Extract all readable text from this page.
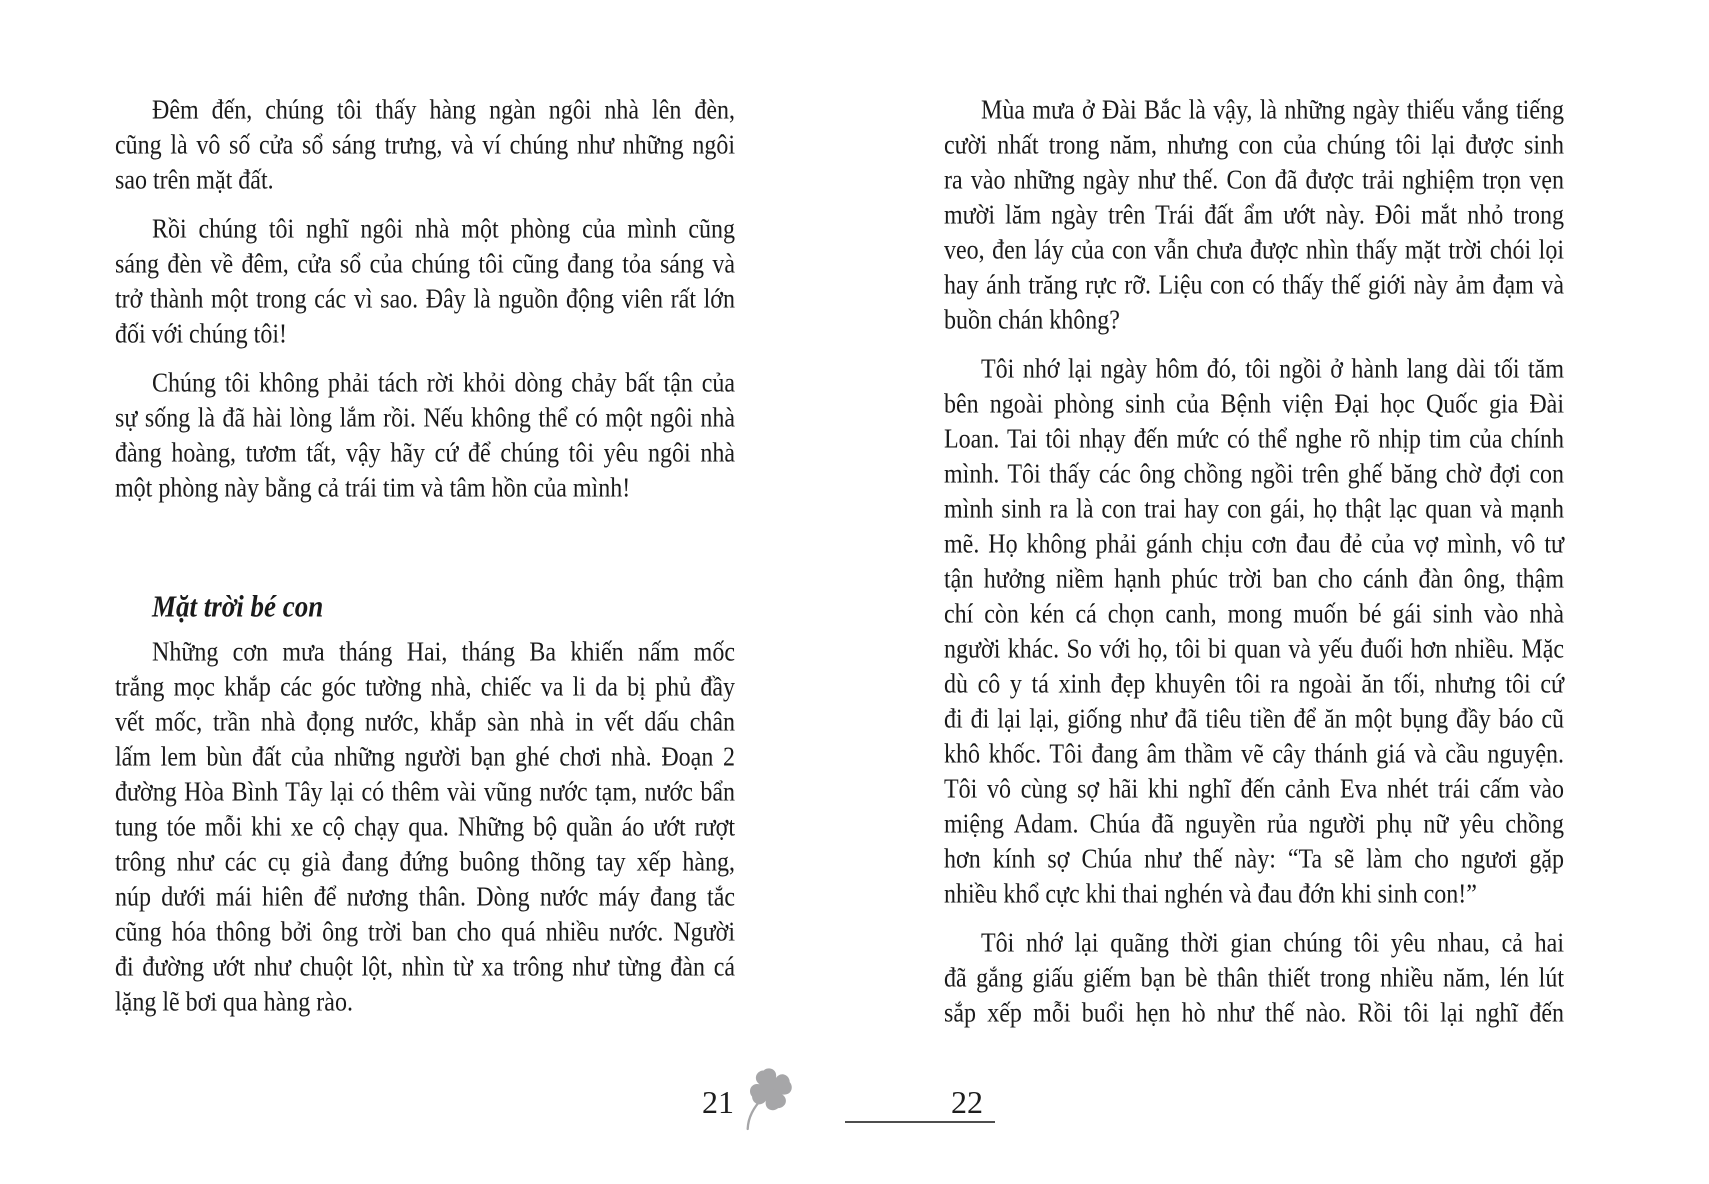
Đêm đến, chúng tôi thấy hàng ngàn ngôi nhà lên đèn,
cũng là vô số cửa sổ sáng trưng, và ví chúng như những ngôi
sao trên mặt đất.
Rồi chúng tôi nghĩ ngôi nhà một phòng của mình cũng
sáng đèn về đêm, cửa sổ của chúng tôi cũng đang tỏa sáng và
trở thành một trong các vì sao. Đây là nguồn động viên rất lớn
đối với chúng tôi!
Chúng tôi không phải tách rời khỏi dòng chảy bất tận của
sự sống là đã hài lòng lắm rồi. Nếu không thể có một ngôi nhà
đàng hoàng, tươm tất, vậy hãy cứ để chúng tôi yêu ngôi nhà
một phòng này bằng cả trái tim và tâm hồn của mình!
Mặt trời bé con
Những cơn mưa tháng Hai, tháng Ba khiến nấm mốc
trắng mọc khắp các góc tường nhà, chiếc va li da bị phủ đầy
vết mốc, trần nhà đọng nước, khắp sàn nhà in vết dấu chân
lấm lem bùn đất của những người bạn ghé chơi nhà. Đoạn 2
đường Hòa Bình Tây lại có thêm vài vũng nước tạm, nước bẩn
tung tóe mỗi khi xe cộ chạy qua. Những bộ quần áo ướt rượt
trông như các cụ già đang đứng buông thõng tay xếp hàng,
núp dưới mái hiên để nương thân. Dòng nước máy đang tắc
cũng hóa thông bởi ông trời ban cho quá nhiều nước. Người
đi đường ướt như chuột lột, nhìn từ xa trông như từng đàn cá
lặng lẽ bơi qua hàng rào.
Mùa mưa ở Đài Bắc là vậy, là những ngày thiếu vắng tiếng
cười nhất trong năm, nhưng con của chúng tôi lại được sinh
ra vào những ngày như thế. Con đã được trải nghiệm trọn vẹn
mười lăm ngày trên Trái đất ẩm ướt này. Đôi mắt nhỏ trong
veo, đen láy của con vẫn chưa được nhìn thấy mặt trời chói lọi
hay ánh trăng rực rỡ. Liệu con có thấy thế giới này ảm đạm và
buồn chán không?
Tôi nhớ lại ngày hôm đó, tôi ngồi ở hành lang dài tối tăm
bên ngoài phòng sinh của Bệnh viện Đại học Quốc gia Đài
Loan. Tai tôi nhạy đến mức có thể nghe rõ nhịp tim của chính
mình. Tôi thấy các ông chồng ngồi trên ghế băng chờ đợi con
mình sinh ra là con trai hay con gái, họ thật lạc quan và mạnh
mẽ. Họ không phải gánh chịu cơn đau đẻ của vợ mình, vô tư
tận hưởng niềm hạnh phúc trời ban cho cánh đàn ông, thậm
chí còn kén cá chọn canh, mong muốn bé gái sinh vào nhà
người khác. So với họ, tôi bi quan và yếu đuối hơn nhiều. Mặc
dù cô y tá xinh đẹp khuyên tôi ra ngoài ăn tối, nhưng tôi cứ
đi đi lại lại, giống như đã tiêu tiền để ăn một bụng đầy báo cũ
khô khốc. Tôi đang âm thầm vẽ cây thánh giá và cầu nguyện.
Tôi vô cùng sợ hãi khi nghĩ đến cảnh Eva nhét trái cấm vào
miệng Adam. Chúa đã nguyền rủa người phụ nữ yêu chồng
hơn kính sợ Chúa như thế này: “Ta sẽ làm cho ngươi gặp
nhiều khổ cực khi thai nghén và đau đớn khi sinh con!”
Tôi nhớ lại quãng thời gian chúng tôi yêu nhau, cả hai
đã gắng giấu giếm bạn bè thân thiết trong nhiều năm, lén lút
sắp xếp mỗi buổi hẹn hò như thế nào. Rồi tôi lại nghĩ đến
21	22
